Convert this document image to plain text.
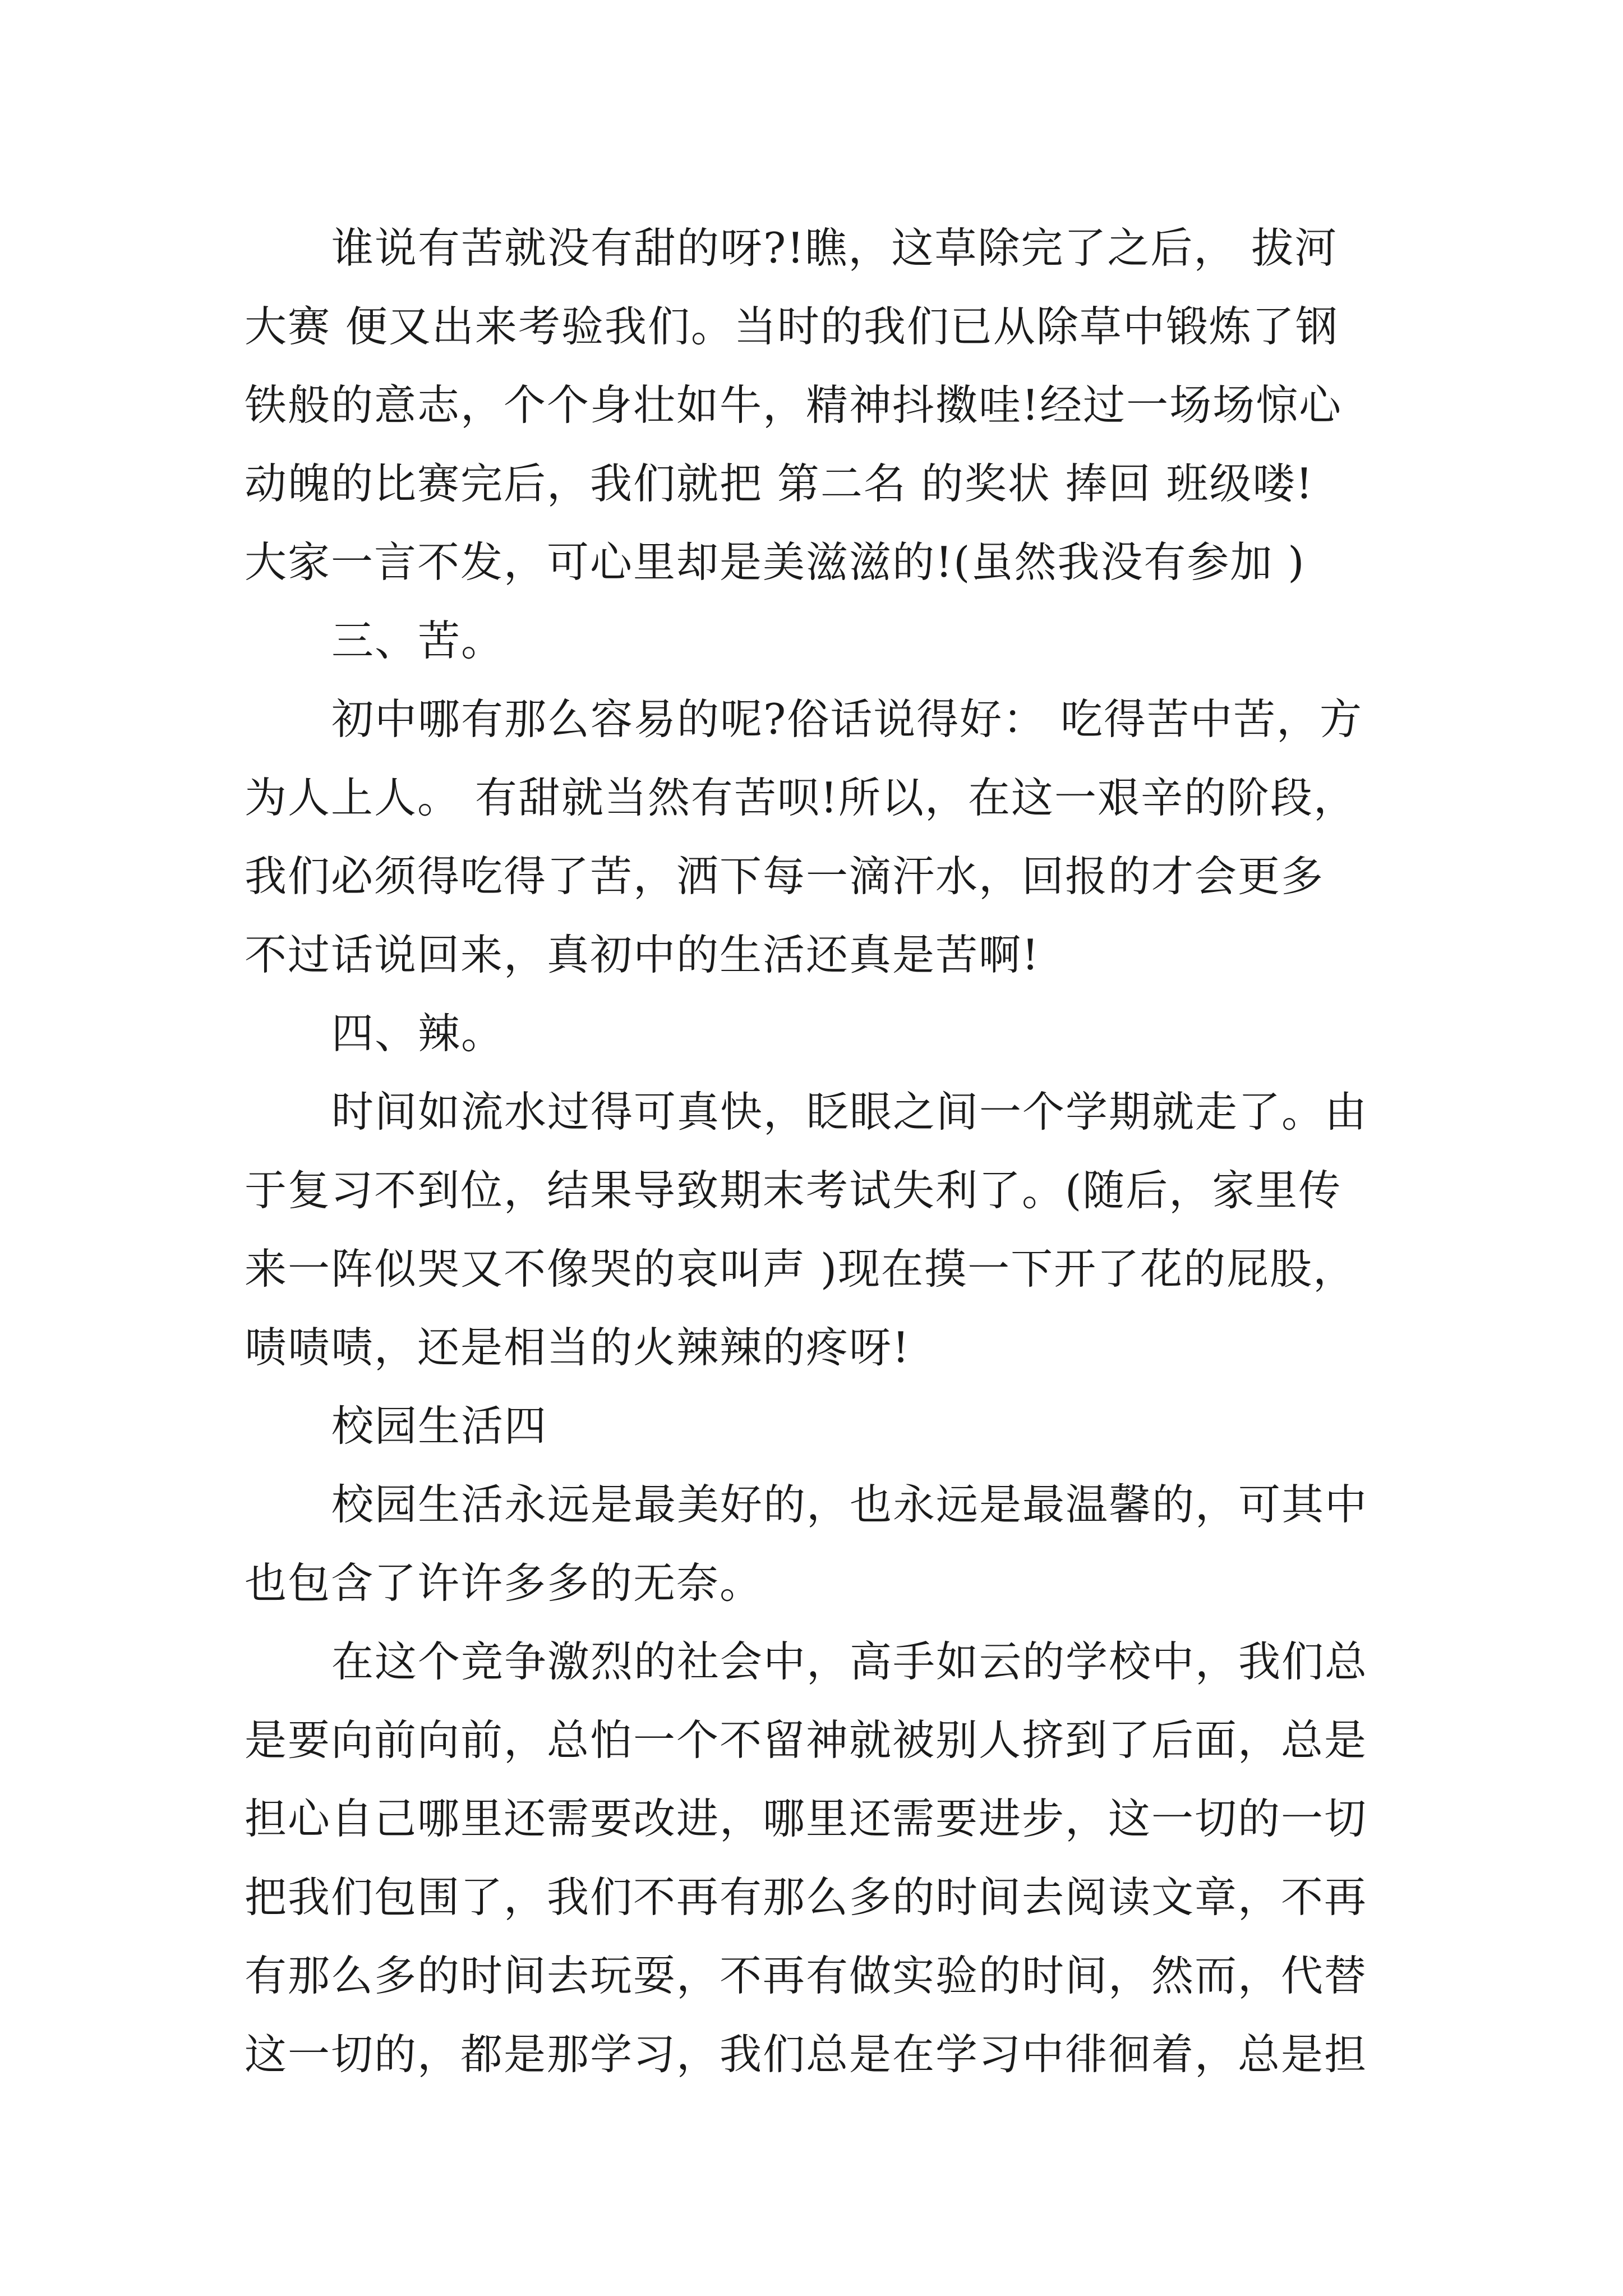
谁说有苦就没有甜的呀?!瞧，这草除完了之后， 拔河
大赛 便又出来考验我们。当时的我们已从除草中锻炼了钢
铁般的意志，个个身壮如牛，精神抖擞哇!经过一场场惊心
动魄的比赛完后，我们就把 第二名 的奖状 捧回 班级喽!
大家一言不发，可心里却是美滋滋的!(虽然我没有参加 )
三、苦。
初中哪有那么容易的呢?俗话说得好： 吃得苦中苦，方
为人上人。 有甜就当然有苦呗!所以，在这一艰辛的阶段，
我们必须得吃得了苦，洒下每一滴汗水，回报的才会更多
不过话说回来，真初中的生活还真是苦啊!
四、辣。
时间如流水过得可真快，眨眼之间一个学期就走了。由
于复习不到位，结果导致期末考试失利了。(随后，家里传
来一阵似哭又不像哭的哀叫声 )现在摸一下开了花的屁股，
啧啧啧，还是相当的火辣辣的疼呀!
校园生活四
校园生活永远是最美好的，也永远是最温馨的，可其中
也包含了许许多多的无奈。
在这个竞争激烈的社会中，高手如云的学校中，我们总
是要向前向前，总怕一个不留神就被别人挤到了后面，总是
担心自己哪里还需要改进，哪里还需要进步，这一切的一切
把我们包围了，我们不再有那么多的时间去阅读文章，不再
有那么多的时间去玩耍，不再有做实验的时间，然而，代替
这一切的，都是那学习，我们总是在学习中徘徊着，总是担
